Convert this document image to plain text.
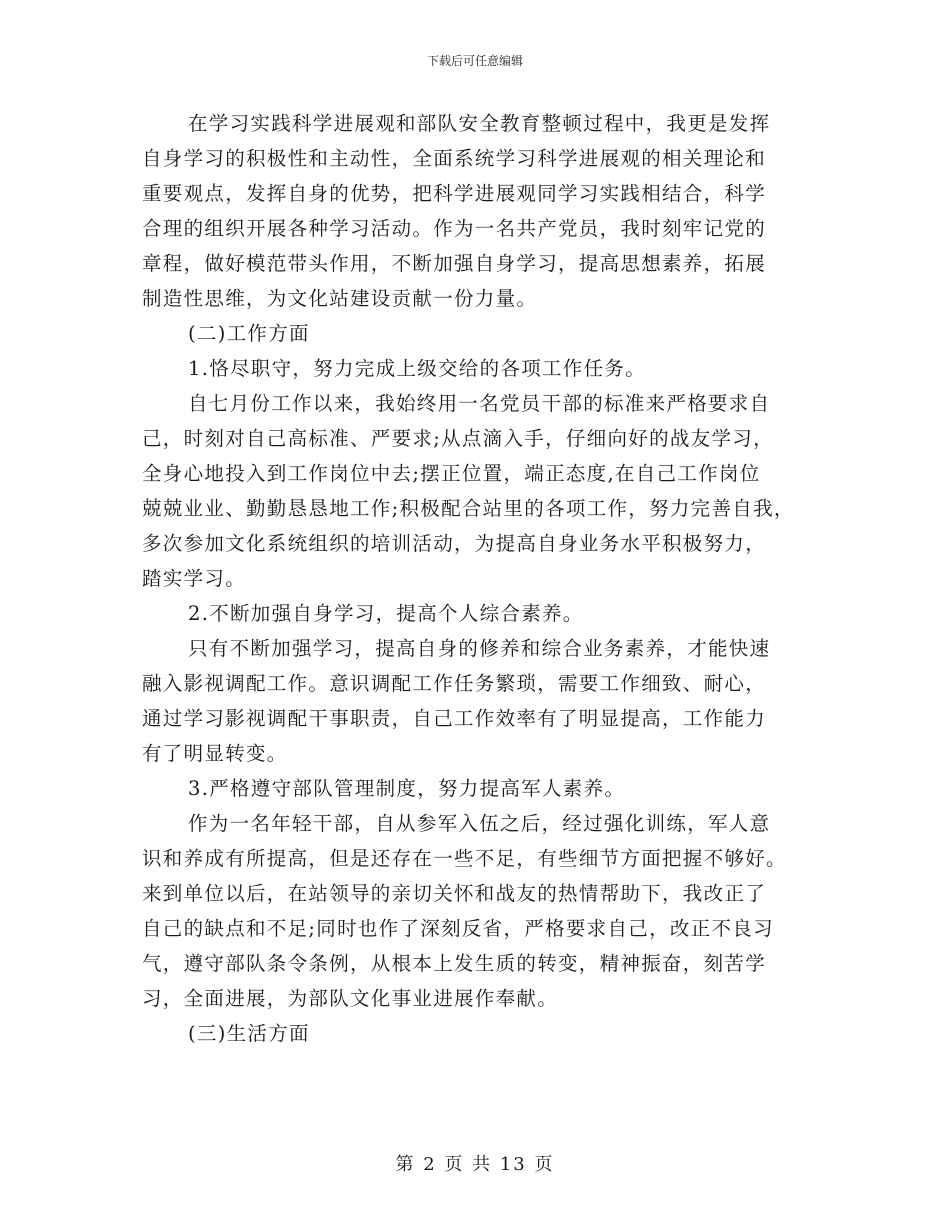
下载后可任意编辑
在学习实践科学进展观和部队安全教育整顿过程中，我更是发挥
自身学习的积极性和主动性，全面系统学习科学进展观的相关理论和
重要观点，发挥自身的优势，把科学进展观同学习实践相结合，科学
合理的组织开展各种学习活动。作为一名共产党员，我时刻牢记党的
章程，做好模范带头作用，不断加强自身学习，提高思想素养，拓展
制造性思维，为文化站建设贡献一份力量。
(二)工作方面
1.恪尽职守，努力完成上级交给的各项工作任务。
自七月份工作以来，我始终用一名党员干部的标准来严格要求自
己，时刻对自己高标准、严要求;从点滴入手，仔细向好的战友学习，
全身心地投入到工作岗位中去;摆正位置，端正态度,在自己工作岗位
兢兢业业、勤勤恳恳地工作;积极配合站里的各项工作，努力完善自我，
多次参加文化系统组织的培训活动，为提高自身业务水平积极努力，
踏实学习。
2.不断加强自身学习，提高个人综合素养。
只有不断加强学习，提高自身的修养和综合业务素养，才能快速
融入影视调配工作。意识调配工作任务繁琐，需要工作细致、耐心，
通过学习影视调配干事职责，自己工作效率有了明显提高，工作能力
有了明显转变。
3.严格遵守部队管理制度，努力提高军人素养。
作为一名年轻干部，自从参军入伍之后，经过强化训练，军人意
识和养成有所提高，但是还存在一些不足，有些细节方面把握不够好。
来到单位以后，在站领导的亲切关怀和战友的热情帮助下，我改正了
自己的缺点和不足;同时也作了深刻反省，严格要求自己，改正不良习
气，遵守部队条令条例，从根本上发生质的转变，精神振奋，刻苦学
习，全面进展，为部队文化事业进展作奉献。
(三)生活方面
第 2 页 共 13 页
